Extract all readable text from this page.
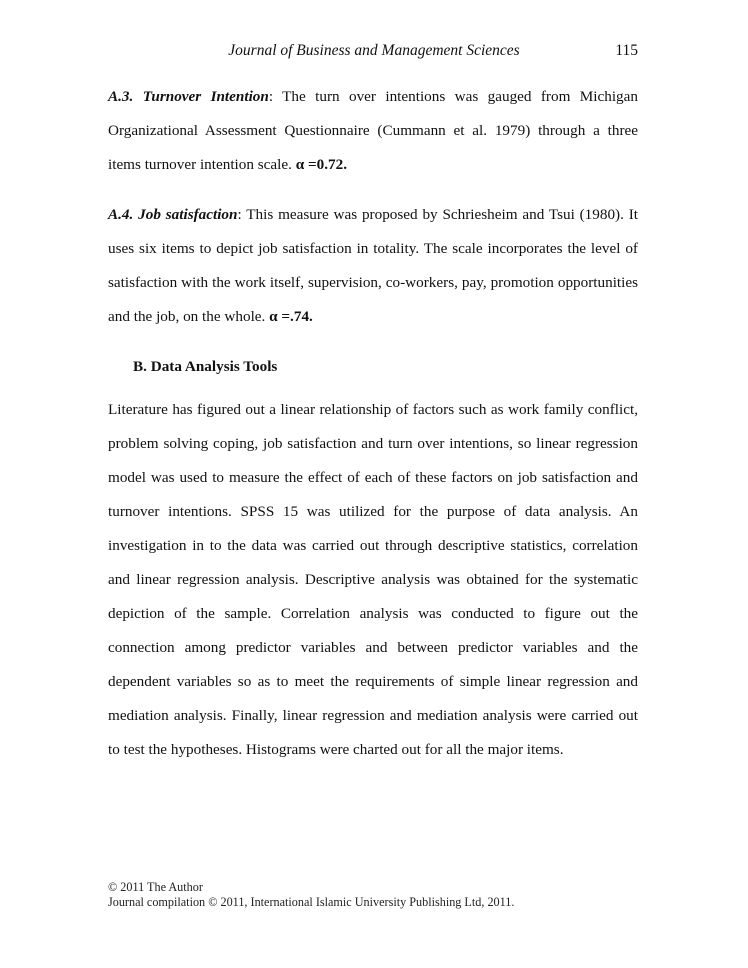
Journal of Business and Management Sciences	115

A.3. Turnover Intention: The turn over intentions was gauged from Michigan Organizational Assessment Questionnaire (Cummann et al. 1979) through a three items turnover intention scale. α =0.72.

A.4. Job satisfaction: This measure was proposed by Schriesheim and Tsui (1980). It uses six items to depict job satisfaction in totality. The scale incorporates the level of satisfaction with the work itself, supervision, co-workers, pay, promotion opportunities and the job, on the whole. α =.74.

B. Data Analysis Tools

Literature has figured out a linear relationship of factors such as work family conflict, problem solving coping, job satisfaction and turn over intentions, so linear regression model was used to measure the effect of each of these factors on job satisfaction and turnover intentions. SPSS 15 was utilized for the purpose of data analysis. An investigation in to the data was carried out through descriptive statistics, correlation and linear regression analysis. Descriptive analysis was obtained for the systematic depiction of the sample. Correlation analysis was conducted to figure out the connection among predictor variables and between predictor variables and the dependent variables so as to meet the requirements of simple linear regression and mediation analysis. Finally, linear regression and mediation analysis were carried out to test the hypotheses. Histograms were charted out for all the major items.

© 2011 The Author
Journal compilation © 2011, International Islamic University Publishing Ltd, 2011.
